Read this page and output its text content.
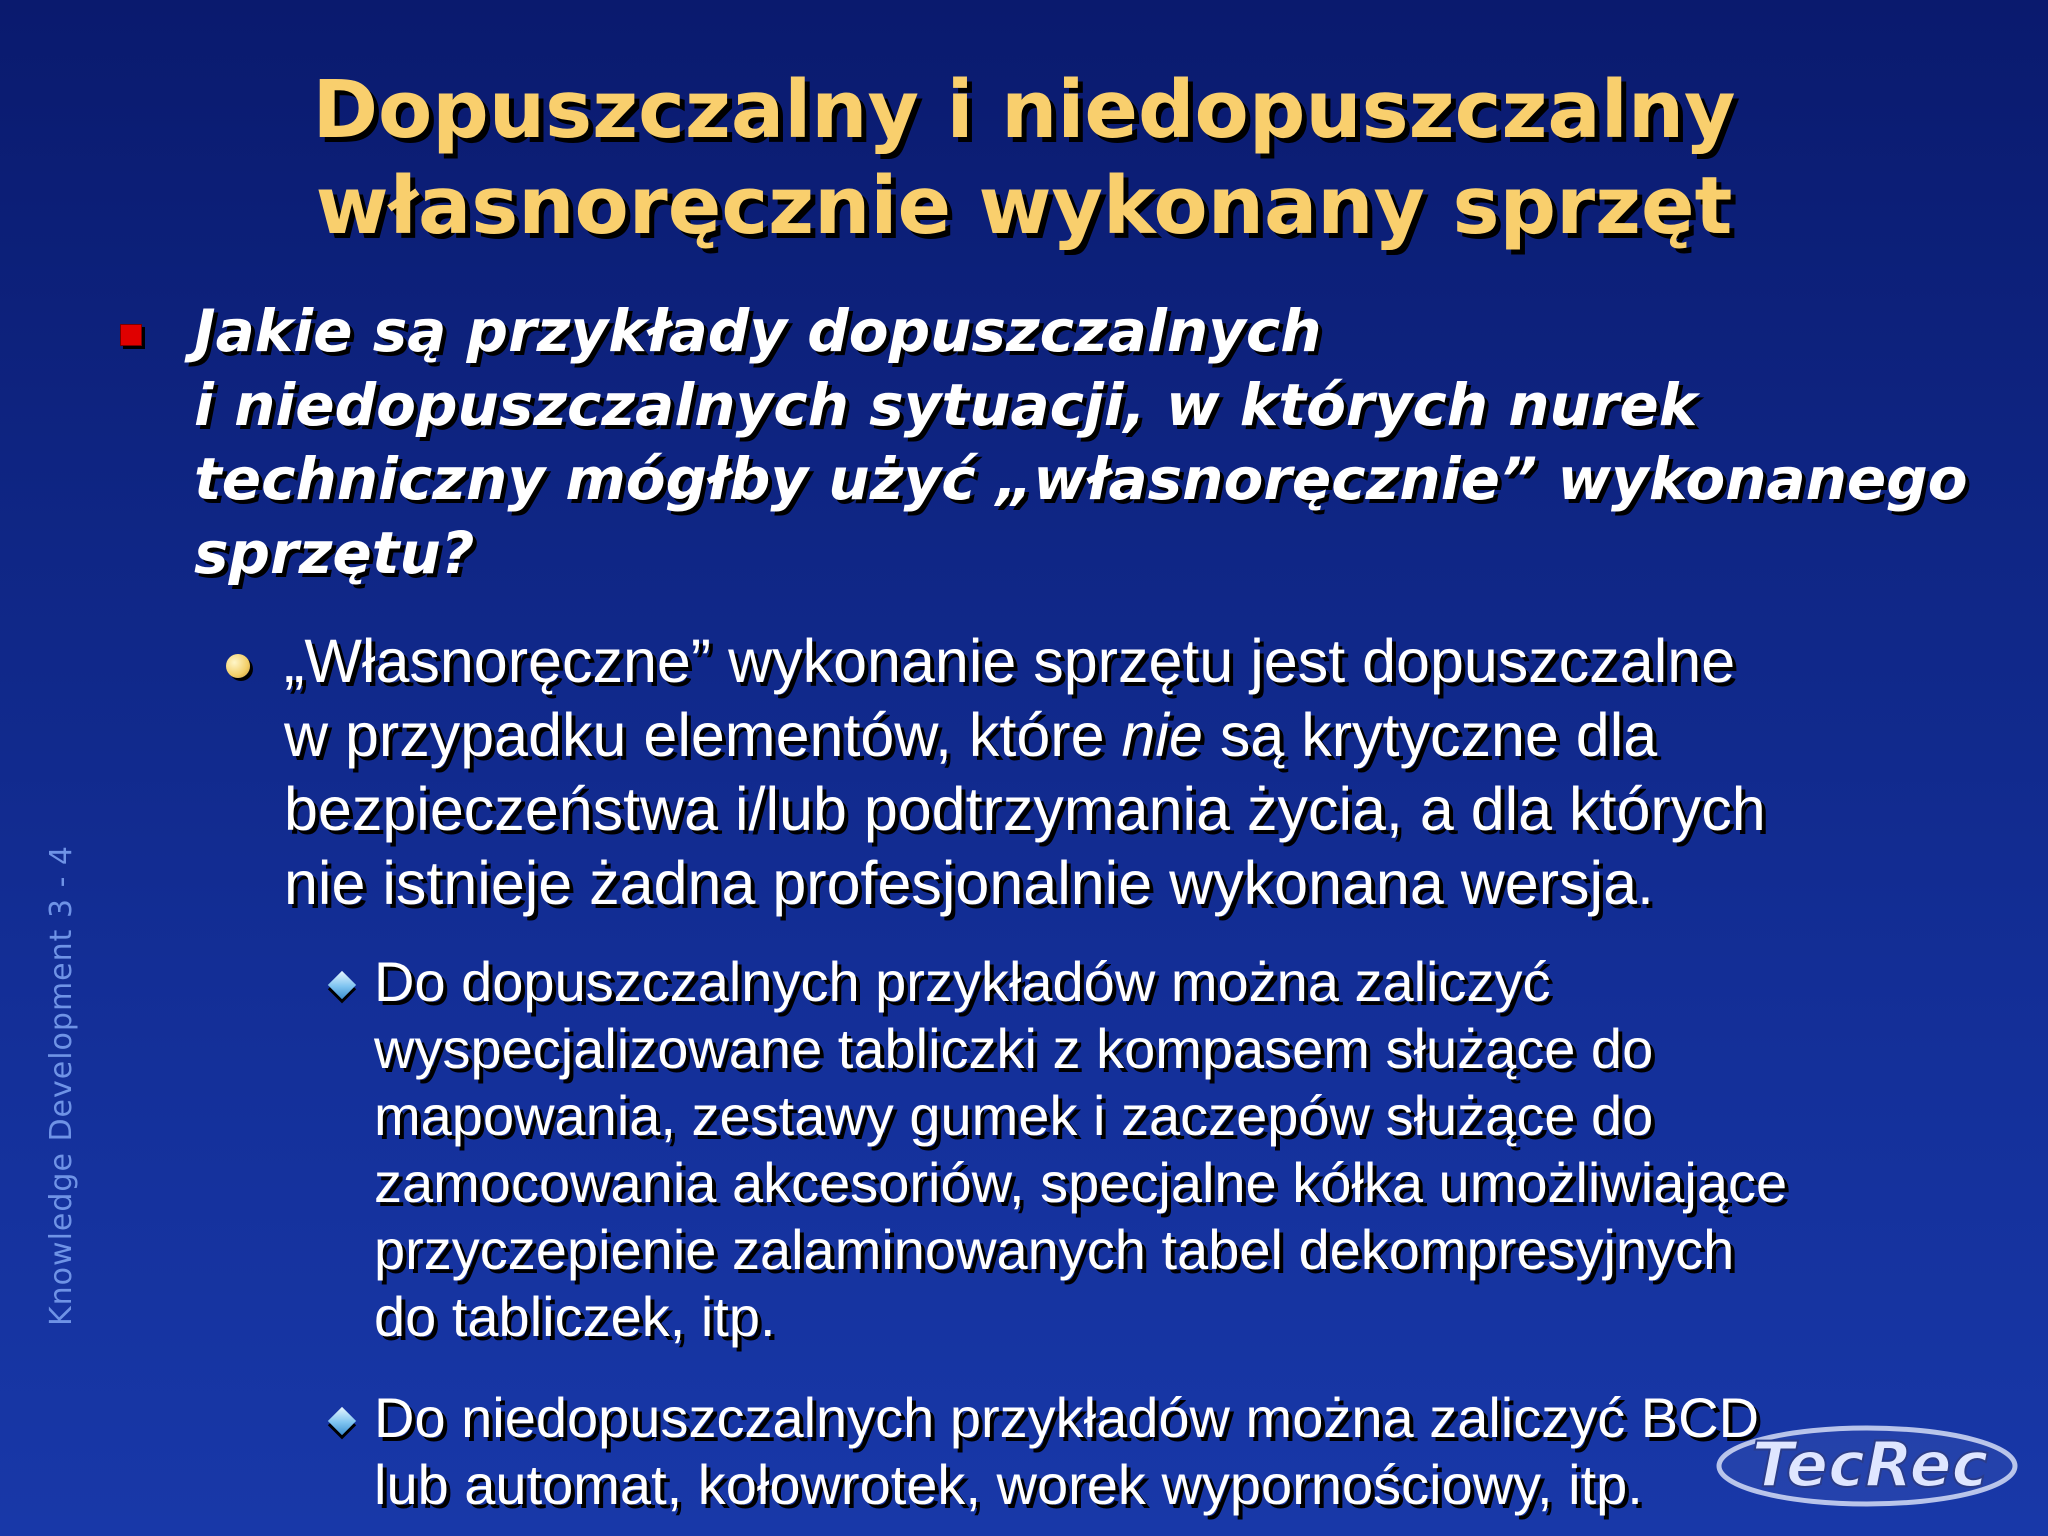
Dopuszczalny i niedopuszczalny
własnoręcznie wykonany sprzęt
Jakie są przykłady dopuszczalnych
i niedopuszczalnych sytuacji, w których nurek
techniczny mógłby użyć „własnoręcznie” wykonanego
sprzętu?
„Własnoręczne” wykonanie sprzętu jest dopuszczalne
w przypadku elementów, które nie są krytyczne dla
bezpieczeństwa i/lub podtrzymania życia, a dla których
nie istnieje żadna profesjonalnie wykonana wersja.
Do dopuszczalnych przykładów można zaliczyć
wyspecjalizowane tabliczki z kompasem służące do
mapowania, zestawy gumek i zaczepów służące do
zamocowania akcesoriów, specjalne kółka umożliwiające
przyczepienie zalaminowanych tabel dekompresyjnych
do tabliczek, itp.
Do niedopuszczalnych przykładów można zaliczyć BCD
lub automat, kołowrotek, worek wypornościowy, itp.
Knowledge Development 3 - 4
TecRec
